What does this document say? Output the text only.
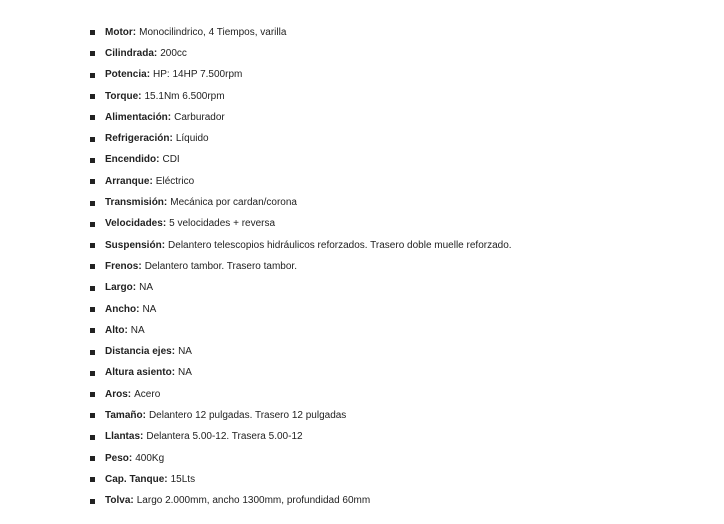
Motor : Monocilindrico, 4 Tiempos, varilla
Cilindrada : 200cc
Potencia : HP: 14HP 7.500rpm
Torque : 15.1Nm 6.500rpm
Alimentación : Carburador
Refrigeración : Líquido
Encendido : CDI
Arranque : Eléctrico
Transmisión : Mecánica por cardan/corona
Velocidades : 5 velocidades + reversa
Suspensión : Delantero telescopios hidráulicos reforzados. Trasero doble muelle reforzado.
Frenos : Delantero tambor. Trasero tambor.
Largo : NA
Ancho : NA
Alto : NA
Distancia ejes : NA
Altura asiento : NA
Aros : Acero
Tamaño : Delantero 12 pulgadas. Trasero 12 pulgadas
Llantas : Delantera 5.00-12. Trasera 5.00-12
Peso : 400Kg
Cap. Tanque : 15Lts
Tolva : Largo 2.000mm, ancho 1300mm, profundidad 60mm
